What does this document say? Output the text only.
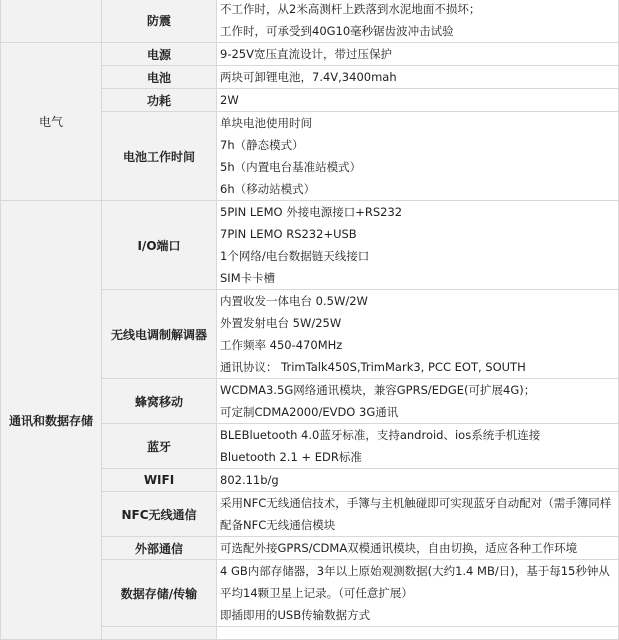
	防震	不工作时，从2米高测杆上跌落到水泥地面不损坏；
工作时，可承受到40G10毫秒锯齿波冲击试验

电气	电源	9-25V宽压直流设计，带过压保护

	电池	两块可卸锂电池，7.4V,3400mah

	功耗	2W

	电池工作时间	单块电池使用时间
7h（静态模式）
5h（内置电台基准站模式）
6h（移动站模式）

通讯和数据存储	I/O端口	5PIN LEMO 外接电源接口+RS232
7PIN LEMO RS232+USB
1个网络/电台数据链天线接口
SIM卡卡槽

	无线电调制解调器	内置收发一体电台 0.5W/2W
外置发射电台 5W/25W
工作频率 450-470MHz
通讯协议： TrimTalk450S,TrimMark3, PCC EOT, SOUTH

	蜂窝移动	WCDMA3.5G网络通讯模块，兼容GPRS/EDGE(可扩展4G)；
可定制CDMA2000/EVDO 3G通讯

	蓝牙	BLEBluetooth 4.0蓝牙标准，支持android、ios系统手机连接
Bluetooth 2.1 + EDR标准

	WIFI	802.11b/g

	NFC无线通信	采用NFC无线通信技术，手簿与主机触碰即可实现蓝牙自动配对（需手簿同样配备NFC无线通信模块
	外部通信	可选配外接GPRS/CDMA双模通讯模块，自由切换，适应各种工作环境

	数据存储/传输	4 GB内部存储器，3年以上原始观测数据(大约1.4 MB/日)，基于每15秒钟从平均14颗卫星上记录。（可任意扩展）
即插即用的USB传输数据方式
